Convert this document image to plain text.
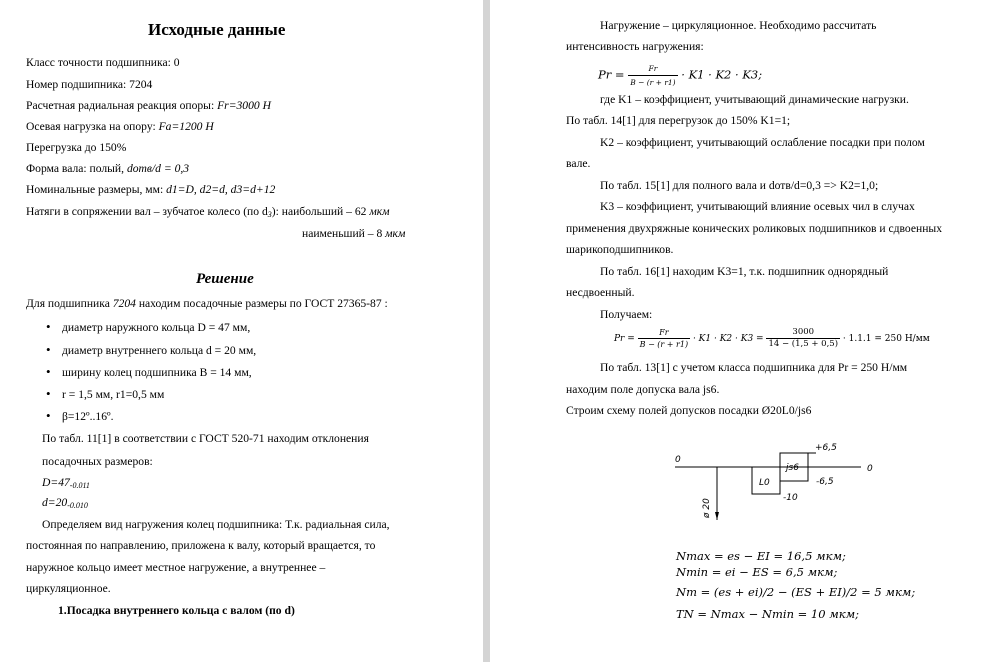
Исходные данные
Класс точности подшипника: 0
Номер подшипника: 7204
Расчетная радиальная реакция опоры: Fr=3000 Н
Осевая нагрузка на опору: Fa=1200 Н
Перегрузка до 150%
Форма вала: полый, dотв/d = 0,3
Номинальные размеры, мм: d1=D, d2=d, d3=d+12
Натяги в сопряжении вал – зубчатое колесо (по $d_3$): наибольший – 62 мкм
наименьший – 8 мкм
Решение
Для подшипника 7204 находим посадочные размеры по ГОСТ 27365-87 :
• диаметр наружного кольца D = 47 мм,
• диаметр внутреннего кольца d = 20 мм,
• ширину колец подшипника B = 14 мм,
• r = 1,5 мм, r1=0,5 мм
• β=12º..16º.
По табл. 11[1] в соответствии с ГОСТ 520-71 находим отклонения
посадочных размеров:
$D=47_{-0.011}$
$d=20_{-0.010}$
Определяем вид нагружения колец подшипника: Т.к. радиальная сила,
постоянная по направлению, приложена к валу, который вращается, то
наружное кольцо имеет местное нагружение, а внутреннее –
циркуляционное.
1.Посадка внутреннего кольца с валом (по d)
Нагружение – циркуляционное. Необходимо рассчитать
интенсивность нагружения:
$Pr = \frac{Fr}{B - (r + r1)} \cdot K1 \cdot K2 \cdot K3$;
где K1 – коэффициент, учитывающий динамические нагрузки.
По табл. 14[1] для перегрузок до 150% K1=1;
K2 – коэффициент, учитывающий ослабление посадки при полом
вале.
По табл. 15[1] для полного вала и dотв/d=0,3 => K2=1,0;
K3 – коэффициент, учитывающий влияние осевых чил в случах
применения двухряжные конических роликовых подшипников и сдвоенных
шарикоподшипников.
По табл. 16[1] находим K3=1, т.к. подшипник однорядный
несдвоенный.
Получаем:
$Pr = \frac{Fr}{B - (r + r1)} \cdot K1 \cdot K2 \cdot K3 = \frac{3000}{14 - (1,5 + 0,5)} \cdot 1.1.1 = 250$ Н/мм
По табл. 13[1] с учетом класса подшипника для Pr = 250 Н/мм
находим поле допуска вала js6.
Строим схему полей допусков посадки Ø20L0/js6
0
0
ø 20
L0
js6
+6,5
-6,5
-10
Nmax = es − EI = 16,5 мкм;
Nmin = ei − ES = 6,5 мкм;
Nm = (es + ei)/2 − (ES + EI)/2 = 5 мкм;
TN = Nmax − Nmin = 10 мкм;
